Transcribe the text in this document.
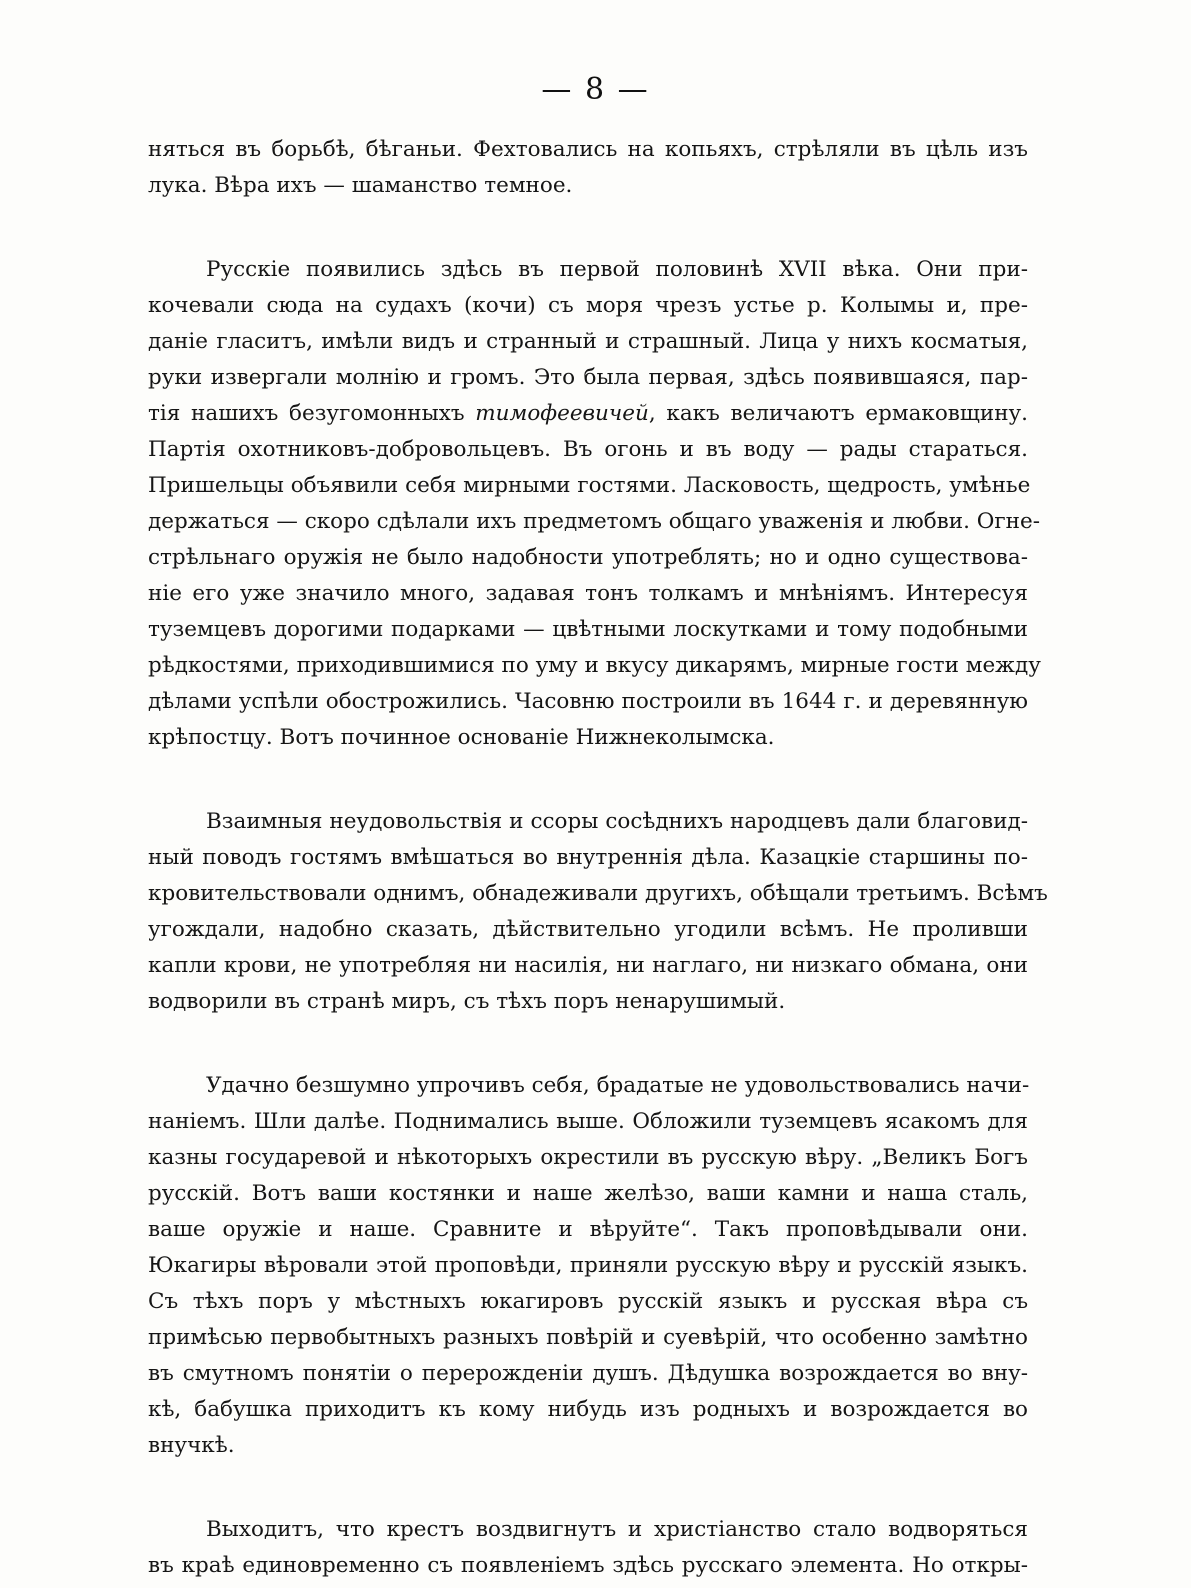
— 8 —
няться въ борьбѣ, бѣганьи. Фехтовались на копьяхъ, стрѣляли въ цѣль изъ
лука. Вѣра ихъ — шаманство темное.
Русскіе появились здѣсь въ первой половинѣ XVII вѣка. Они при-
кочевали сюда на судахъ (кочи) съ моря чрезъ устье р. Колымы и, пре-
даніе гласитъ, имѣли видъ и странный и страшный. Лица у нихъ косматыя,
руки извергали молнію и громъ. Это была первая, здѣсь появившаяся, пар-
тія нашихъ безугомонныхъ тимофеевичей, какъ величаютъ ермаковщину.
Партія охотниковъ-добровольцевъ. Въ огонь и въ воду — рады стараться.
Пришельцы объявили себя мирными гостями. Ласковость, щедрость, умѣнье
держаться — скоро сдѣлали ихъ предметомъ общаго уваженія и любви. Огне-
стрѣльнаго оружія не было надобности употреблять; но и одно существова-
ніе его уже значило много, задавая тонъ толкамъ и мнѣніямъ. Интересуя
туземцевъ дорогими подарками — цвѣтными лоскутками и тому подобными
рѣдкостями, приходившимися по уму и вкусу дикарямъ, мирные гости между
дѣлами успѣли обострожились. Часовню построили въ 1644 г. и деревянную
крѣпостцу. Вотъ починное основаніе Нижнеколымска.
Взаимныя неудовольствія и ссоры сосѣднихъ народцевъ дали благовид-
ный поводъ гостямъ вмѣшаться во внутреннія дѣла. Казацкіе старшины по-
кровительствовали однимъ, обнадеживали другихъ, обѣщали третьимъ. Всѣмъ
угождали, надобно сказать, дѣйствительно угодили всѣмъ. Не проливши
капли крови, не употребляя ни насилія, ни наглаго, ни низкаго обмана, они
водворили въ странѣ миръ, съ тѣхъ поръ ненарушимый.
Удачно безшумно упрочивъ себя, брадатые не удовольствовались начи-
наніемъ. Шли далѣе. Поднимались выше. Обложили туземцевъ ясакомъ для
казны государевой и нѣкоторыхъ окрестили въ русскую вѣру. „Великъ Богъ
русскій. Вотъ ваши костянки и наше желѣзо, ваши камни и наша сталь,
ваше оружіе и наше. Сравните и вѣруйте“. Такъ проповѣдывали они.
Юкагиры вѣровали этой проповѣди, приняли русскую вѣру и русскій языкъ.
Съ тѣхъ поръ у мѣстныхъ юкагировъ русскій языкъ и русская вѣра съ
примѣсью первобытныхъ разныхъ повѣрій и суевѣрій, что особенно замѣтно
въ смутномъ понятіи о перерожденіи душъ. Дѣдушка возрождается во вну-
кѣ, бабушка приходитъ къ кому нибудь изъ родныхъ и возрождается во
внучкѣ.
Выходитъ, что крестъ воздвигнутъ и христіанство стало водворяться
въ краѣ единовременно съ появленіемъ здѣсь русскаго элемента. Но откры-
